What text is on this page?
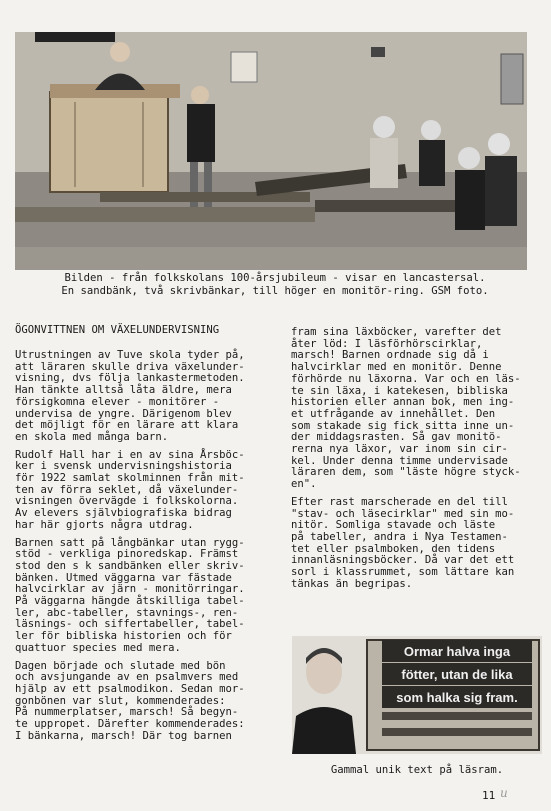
Bilden - från folkskolans 100-årsjubileum - visar en lancastersal.
En sandbänk, två skrivbänkar, till höger en monitör-ring. GSM foto.
ÖGONVITTNEN OM VÄXELUNDERVISNING

Utrustningen av Tuve skola tyder på,
att läraren skulle driva växelunder-
visning, dvs följa lankastermetoden.
Han tänkte alltså låta äldre, mera
försigkomna elever - monitörer -
undervisa de yngre. Därigenom blev
det möjligt för en lärare att klara
en skola med många barn.

Rudolf Hall har i en av sina Årsböc-
ker i svensk undervisningshistoria
för 1922 samlat skolminnen från mit-
ten av förra seklet, då växelunder-
visningen övervägde i folkskolorna.
Av elevers självbiografiska bidrag
har här gjorts några utdrag.

Barnen satt på långbänkar utan rygg-
stöd - verkliga pinoredskap. Främst
stod den s k sandbänken eller skriv-
bänken. Utmed väggarna var fästade
halvcirklar av järn - monitörringar.
På väggarna hängde åtskilliga tabel-
ler, abc-tabeller, stavnings-, ren-
läsnings- och siffertabeller, tabel-
ler för bibliska historien och för
quattuor species med mera.

Dagen började och slutade med bön
och avsjungande av en psalmvers med
hjälp av ett psalmodikon. Sedan mor-
gonbönen var slut, kommenderades:
På nummerplatser, marsch! Så begyn-
te uppropet. Därefter kommenderades:
I bänkarna, marsch! Där tog barnen

fram sina läxböcker, varefter det
åter löd: I läsförhörscirklar,
marsch! Barnen ordnade sig då i
halvcirklar med en monitör. Denne
förhörde nu läxorna. Var och en läs-
te sin läxa, i katekesen, bibliska
historien eller annan bok, men ing-
et utfrågande av innehållet. Den
som stakade sig fick sitta inne un-
der middagsrasten. Så gav monitö-
rerna nya läxor, var inom sin cir-
kel. Under denna timme undervisade
läraren dem, som "läste högre styck-
en".

Efter rast marscherade en del till
"stav- och läsecirklar" med sin mo-
nitör. Somliga stavade och läste
på tabeller, andra i Nya Testamen-
tet eller psalmboken, den tidens
innanläsningsböcker. Då var det ett
sorl i klassrummet, som lättare kan
tänkas än begripas.

Ormar halva inga
fötter, utan de lika
som halka sig fram.
Gammal unik text på läsram.
11 u
